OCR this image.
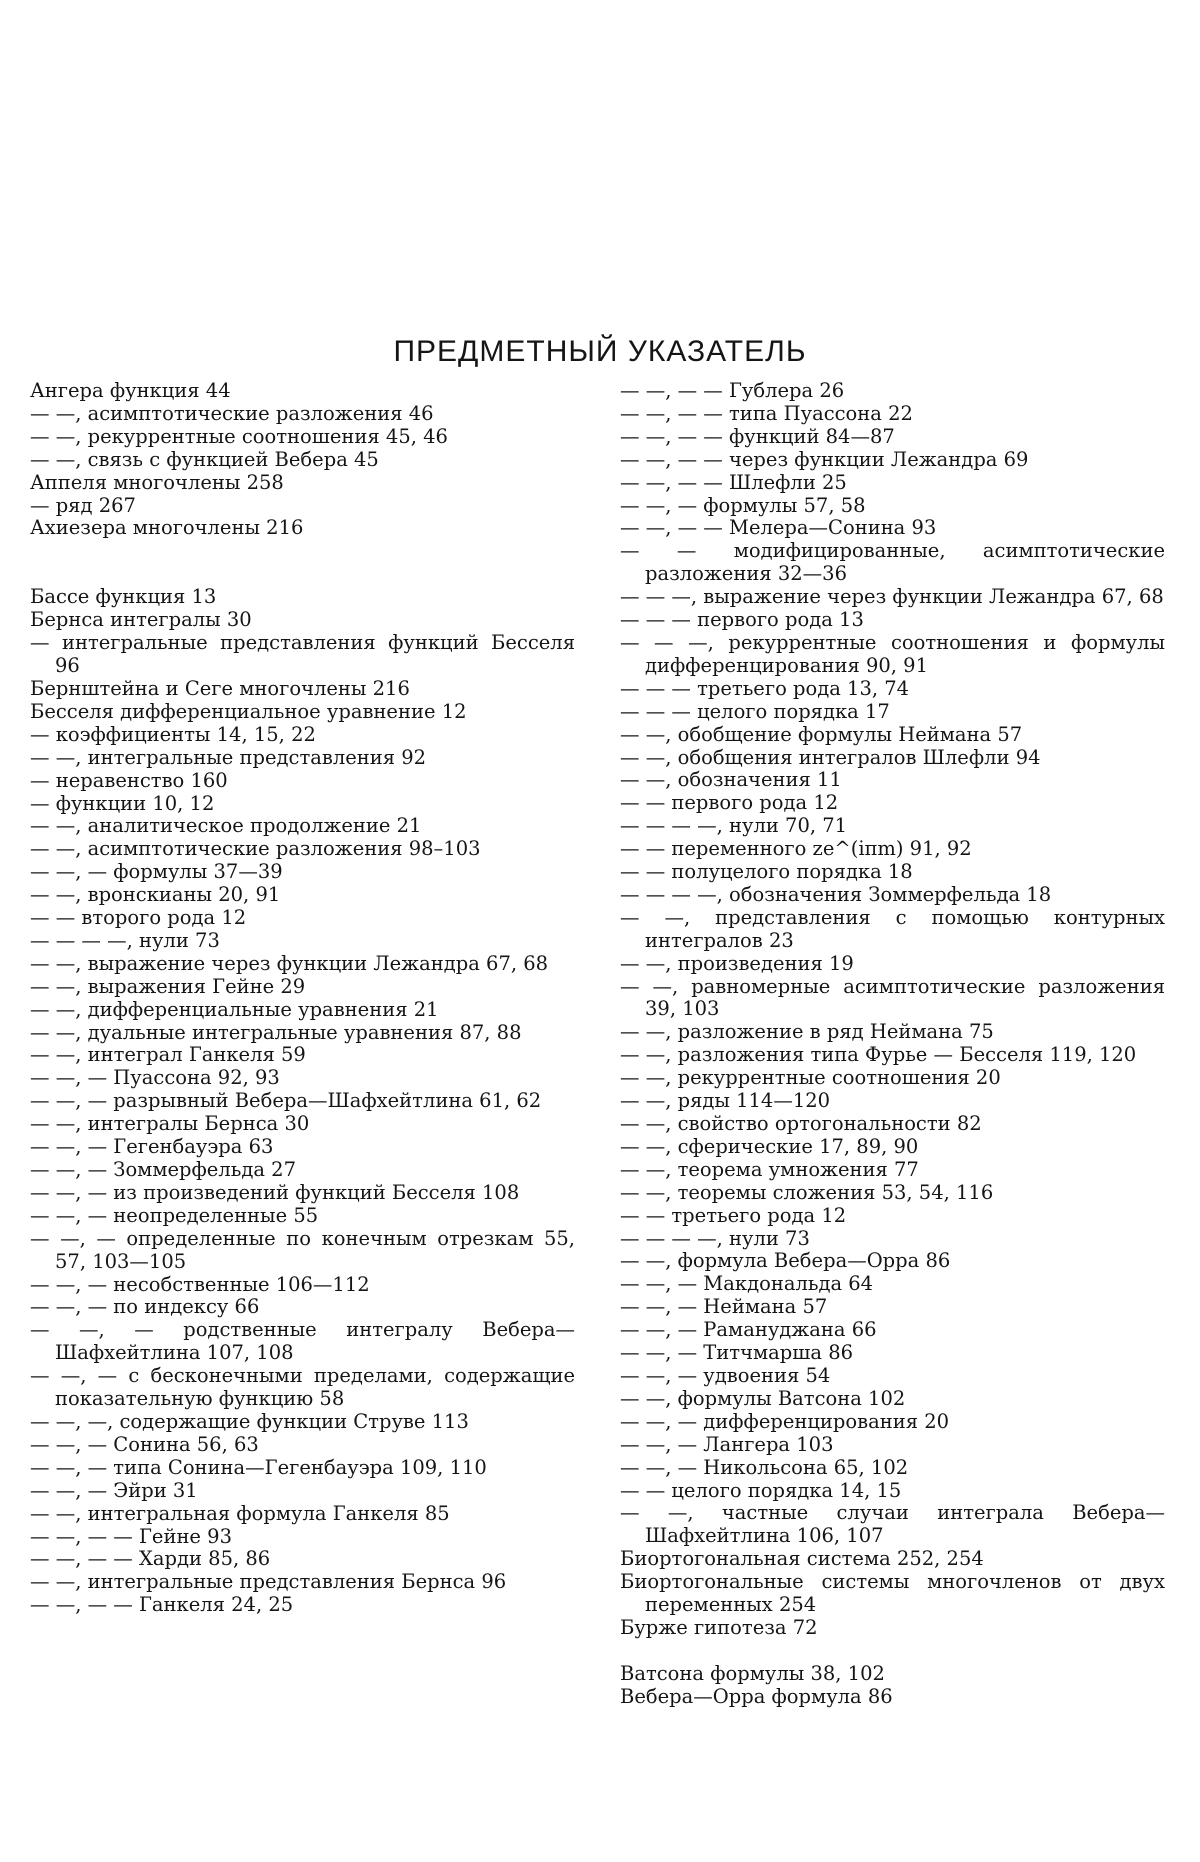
ПРЕДМЕТНЫЙ УКАЗАТЕЛЬ

Ангера функция 44

— —, асимптотические разложения 46

— —, рекуррентные соотношения 45, 46

— —, связь с функцией Вебера 45

Аппеля многочлены 258

— ряд 267

Ахиезера многочлены 216

Бассе функция 13

Бернса интегралы 30

— интегральные представления функций Бесселя 96

Бернштейна и Сеге многочлены 216

Бесселя дифференциальное уравнение 12

— коэффициенты 14, 15, 22

— —, интегральные представления 92

— неравенство 160

— функции 10, 12

— —, аналитическое продолжение 21

— —, асимптотические разложения 98–103

— —, — формулы 37—39

— —, вронскианы 20, 91

— — второго рода 12

— — — —, нули 73

— —, выражение через функции Лежандра 67, 68

— —, выражения Гейне 29

— —, дифференциальные уравнения 21

— —, дуальные интегральные уравнения 87, 88

— —, интеграл Ганкеля 59

— —, — Пуассона 92, 93

— —, — разрывный Вебера—Шафхейтлина 61, 62

— —, интегралы Бернса 30

— —, — Гегенбауэра 63

— —, — Зоммерфельда 27

— —, — из произведений функций Бесселя 108

— —, — неопределенные 55

— —, — определенные по конечным отрезкам 55, 57, 103—105

— —, — несобственные 106—112

— —, — по индексу 66

— —, — родственные интегралу Вебера—Шафхейтлина 107, 108

— —, — с бесконечными пределами, содержащие показательную функцию 58

— —, —, содержащие функции Струве 113

— —, — Сонина 56, 63

— —, — типа Сонина—Гегенбауэра 109, 110

— —, — Эйри 31

— —, интегральная формула Ганкеля 85

— —, — — Гейне 93

— —, — — Харди 85, 86

— —, интегральные представления Бернса 96

— —, — — Ганкеля 24, 25

— —, — — Гублера 26

— —, — — типа Пуассона 22

— —, — — функций 84—87

— —, — — через функции Лежандра 69

— —, — — Шлефли 25

— —, — формулы 57, 58

— —, — — Мелера—Сонина 93

— — модифицированные, асимптотические разложения 32—36

— — —, выражение через функции Лежандра 67, 68

— — — первого рода 13

— — —, рекуррентные соотношения и формулы дифференцирования 90, 91

— — — третьего рода 13, 74

— — — целого порядка 17

— —, обобщение формулы Неймана 57

— —, обобщения интегралов Шлефли 94

— —, обозначения 11

— — первого рода 12

— — — —, нули 70, 71

— — переменного ze^(iπm) 91, 92

— — полуцелого порядка 18

— — — —, обозначения Зоммерфельда 18

— —, представления с помощью контурных интегралов 23

— —, произведения 19

— —, равномерные асимптотические разложения 39, 103

— —, разложение в ряд Неймана 75

— —, разложения типа Фурье — Бесселя 119, 120

— —, рекуррентные соотношения 20

— —, ряды 114—120

— —, свойство ортогональности 82

— —, сферические 17, 89, 90

— —, теорема умножения 77

— —, теоремы сложения 53, 54, 116

— — третьего рода 12

— — — —, нули 73

— —, формула Вебера—Орра 86

— —, — Макдональда 64

— —, — Неймана 57

— —, — Рамануджана 66

— —, — Титчмарша 86

— —, — удвоения 54

— —, формулы Ватсона 102

— —, — дифференцирования 20

— —, — Лангера 103

— —, — Никольсона 65, 102

— — целого порядка 14, 15

— —, частные случаи интеграла Вебера—Шафхейтлина 106, 107

Биортогональная система 252, 254

Биортогональные системы многочленов от двух переменных 254

Бурже гипотеза 72

Ватсона формулы 38, 102

Вебера—Орра формула 86
